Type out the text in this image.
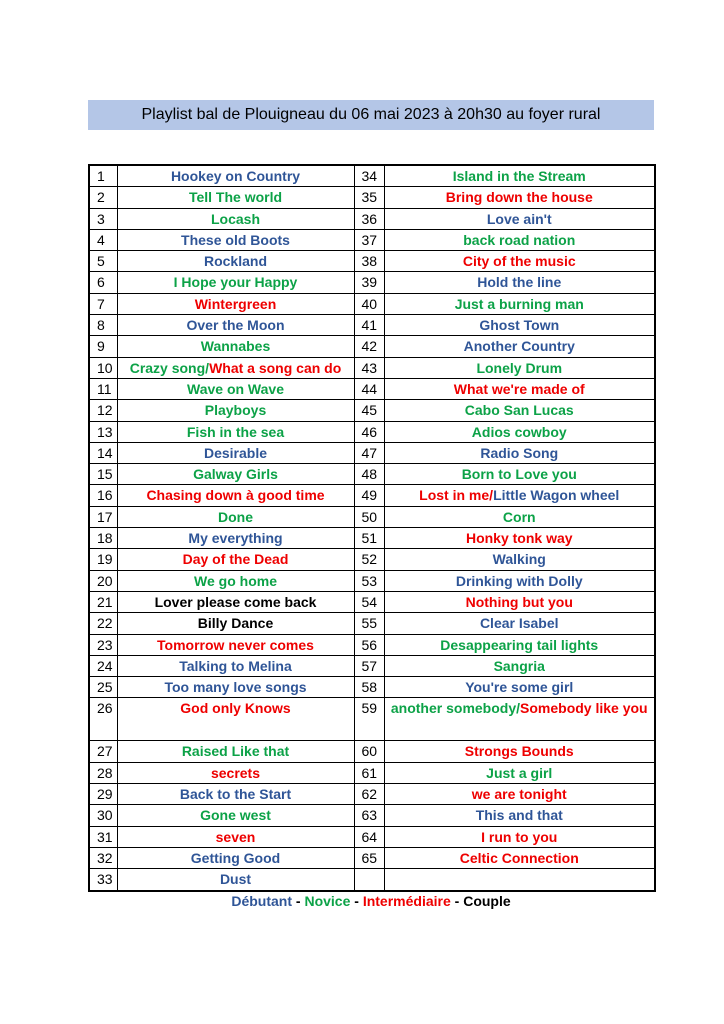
Playlist bal de Plouigneau du 06 mai 2023 à 20h30 au foyer rural
1	Hookey on Country	34	Island in the Stream
2	Tell The world	35	Bring down the house
3	Locash	36	Love ain't
4	These old Boots	37	back road nation
5	Rockland	38	City of the music
6	I Hope your Happy	39	Hold the line
7	Wintergreen	40	Just a burning man
8	Over the Moon	41	Ghost Town
9	Wannabes	42	Another Country
10	Crazy song/What a song can do	43	Lonely Drum
11	Wave on Wave	44	What we're made of
12	Playboys	45	Cabo San Lucas
13	Fish in the sea	46	Adios cowboy
14	Desirable	47	Radio Song
15	Galway Girls	48	Born to Love you
16	Chasing down à good time	49	Lost in me/Little Wagon wheel
17	Done	50	Corn
18	My everything	51	Honky tonk way
19	Day of the Dead	52	Walking
20	We go home	53	Drinking with Dolly
21	Lover please come back	54	Nothing but you
22	Billy Dance	55	Clear Isabel
23	Tomorrow never comes	56	Desappearing tail lights
24	Talking to Melina	57	Sangria
25	Too many love songs	58	You're some girl
26	God only Knows	59	another somebody/Somebody like you
27	Raised Like that	60	Strongs Bounds
28	secrets	61	Just a girl
29	Back to the Start	62	we are tonight
30	Gone west	63	This and that
31	seven	64	I run to you
32	Getting Good	65	Celtic Connection
33	Dust		
Débutant - Novice - Intermédiaire - Couple
